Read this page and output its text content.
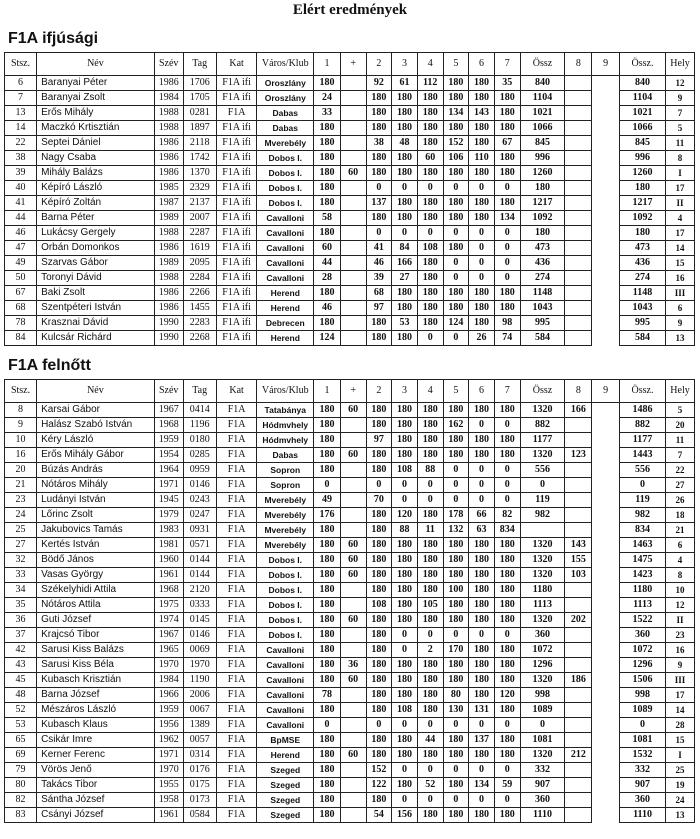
Elért eredmények
F1A ifjúsági
Stsz.	Név	Szév	Tag	Kat	Város/Klub	1	+	2	3	4	5	6	7	Össz	8	9	Össz.	Hely
6	Baranyai Péter	1986	1706	F1A ifi	Oroszlány	180		92	61	112	180	180	35	840			840	12
7	Baranyai Zsolt	1984	1705	F1A ifi	Oroszlány	24		180	180	180	180	180	180	1104			1104	9
13	Erős Mihály	1988	0281	F1A	Dabas	33		180	180	180	134	143	180	1021			1021	7
14	Maczkó Krtisztián	1988	1897	F1A ifi	Dabas	180		180	180	180	180	180	180	1066			1066	5
22	Septei Dániel	1986	2118	F1A ifi	Mverebély	180		38	48	180	152	180	67	845			845	11
38	Nagy Csaba	1986	1742	F1A ifi	Dobos I.	180		180	180	60	106	110	180	996			996	8
39	Mihály Balázs	1986	1370	F1A ifi	Dobos I.	180	60	180	180	180	180	180	180	1260			1260	I
40	Képíró László	1985	2329	F1A ifi	Dobos I.	180		0	0	0	0	0	0	180			180	17
41	Képíró Zoltán	1987	2137	F1A ifi	Dobos I.	180		137	180	180	180	180	180	1217			1217	II
44	Barna Péter	1989	2007	F1A ifi	Cavalloni	58		180	180	180	180	180	134	1092			1092	4
46	Lukácsy Gergely	1988	2287	F1A ifi	Cavalloni	180		0	0	0	0	0	0	180			180	17
47	Orbán Domonkos	1986	1619	F1A ifi	Cavalloni	60		41	84	108	180	0	0	473			473	14
49	Szarvas Gábor	1989	2095	F1A ifi	Cavalloni	44		46	166	180	0	0	0	436			436	15
50	Toronyi Dávid	1988	2284	F1A ifi	Cavalloni	28		39	27	180	0	0	0	274			274	16
67	Baki Zsolt	1986	2266	F1A ifi	Herend	180		68	180	180	180	180	180	1148			1148	III
68	Szentpéteri István	1986	1455	F1A ifi	Herend	46		97	180	180	180	180	180	1043			1043	6
78	Krasznai Dávid	1990	2283	F1A ifi	Debrecen	180		180	53	180	124	180	98	995			995	9
84	Kulcsár Richárd	1990	2268	F1A ifi	Herend	124		180	180	0	0	26	74	584			584	13
F1A felnőtt
Stsz.	Név	Szév	Tag	Kat	Város/Klub	1	+	2	3	4	5	6	7	Össz	8	9	Össz.	Hely
8	Karsai Gábor	1967	0414	F1A	Tatabánya	180	60	180	180	180	180	180	180	1320	166		1486	5
9	Halász Szabó István	1968	1196	F1A	Hódmvhely	180		180	180	180	162	0	0	882			882	20
10	Kéry László	1959	0180	F1A	Hódmvhely	180		97	180	180	180	180	180	1177			1177	11
16	Erős Mihály Gábor	1954	0285	F1A	Dabas	180	60	180	180	180	180	180	180	1320	123		1443	7
20	Búzás András	1964	0959	F1A	Sopron	180		180	108	88	0	0	0	556			556	22
21	Nótáros Mihály	1971	0146	F1A	Sopron	0		0	0	0	0	0	0	0			0	27
23	Ludányi István	1945	0243	F1A	Mverebély	49		70	0	0	0	0	0	119			119	26
24	Lőrinc Zsolt	1979	0247	F1A	Mverebély	176		180	120	180	178	66	82	982			982	18
25	Jakubovics Tamás	1983	0931	F1A	Mverebély	180		180	88	11	132	63	834				834	21
27	Kertés István	1981	0571	F1A	Mverebély	180	60	180	180	180	180	180	180	1320	143		1463	6
32	Bödő János	1960	0144	F1A	Dobos I.	180	60	180	180	180	180	180	180	1320	155		1475	4
33	Vasas György	1961	0144	F1A	Dobos I.	180	60	180	180	180	180	180	180	1320	103		1423	8
34	Székelyhidi Attila	1968	2120	F1A	Dobos I.	180		180	180	180	100	180	180	1180			1180	10
35	Nótáros Attila	1975	0333	F1A	Dobos I.	180		108	180	105	180	180	180	1113			1113	12
36	Guti József	1974	0145	F1A	Dobos I.	180	60	180	180	180	180	180	180	1320	202		1522	II
37	Krajcsó Tibor	1967	0146	F1A	Dobos I.	180		180	0	0	0	0	0	360			360	23
42	Sarusi Kiss Balázs	1965	0069	F1A	Cavalloni	180		180	0	2	170	180	180	1072			1072	16
43	Sarusi Kiss Béla	1970	1970	F1A	Cavalloni	180	36	180	180	180	180	180	180	1296			1296	9
45	Kubasch Krisztián	1984	1190	F1A	Cavalloni	180	60	180	180	180	180	180	180	1320	186		1506	III
48	Barna József	1966	2006	F1A	Cavalloni	78		180	180	180	80	180	120	998			998	17
52	Mészáros László	1959	0067	F1A	Cavalloni	180		180	108	180	130	131	180	1089			1089	14
53	Kubasch Klaus	1956	1389	F1A	Cavalloni	0		0	0	0	0	0	0	0			0	28
65	Csikár Imre	1962	0057	F1A	BpMSE	180		180	180	44	180	137	180	1081			1081	15
69	Kerner Ferenc	1971	0314	F1A	Herend	180	60	180	180	180	180	180	180	1320	212		1532	I
79	Vörös Jenő	1970	0176	F1A	Szeged	180		152	0	0	0	0	0	332			332	25
80	Takács Tibor	1955	0175	F1A	Szeged	180		122	180	52	180	134	59	907			907	19
82	Sántha József	1958	0173	F1A	Szeged	180		180	0	0	0	0	0	360			360	24
83	Csányi József	1961	0584	F1A	Szeged	180		54	156	180	180	180	180	1110			1110	13
